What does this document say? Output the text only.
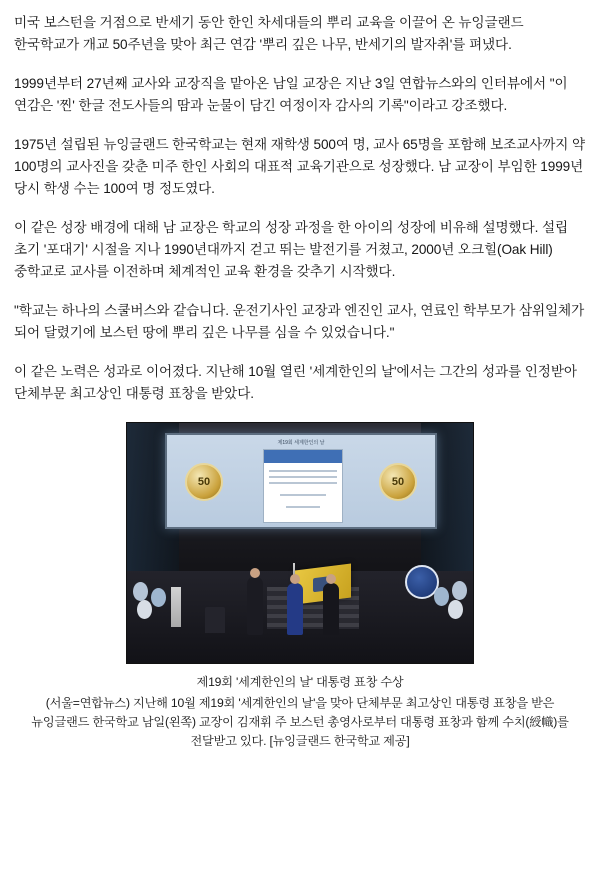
미국 보스턴을 거점으로 반세기 동안 한인 차세대들의 뿌리 교육을 이끌어 온 뉴잉글랜드 한국학교가 개교 50주년을 맞아 최근 연감 '뿌리 깊은 나무, 반세기의 발자취'를 펴냈다.

1999년부터 27년째 교사와 교장직을 맡아온 남일 교장은 지난 3일 연합뉴스와의 인터뷰에서 "이 연감은 '찐' 한글 전도사들의 땀과 눈물이 담긴 여정이자 감사의 기록"이라고 강조했다.

1975년 설립된 뉴잉글랜드 한국학교는 현재 재학생 500여 명, 교사 65명을 포함해 보조교사까지 약 100명의 교사진을 갖춘 미주 한인 사회의 대표적 교육기관으로 성장했다. 남 교장이 부임한 1999년 당시 학생 수는 100여 명 정도였다.

이 같은 성장 배경에 대해 남 교장은 학교의 성장 과정을 한 아이의 성장에 비유해 설명했다. 설립 초기 '포대기' 시절을 지나 1990년대까지 걷고 뛰는 발전기를 거쳤고, 2000년 오크힐(Oak Hill) 중학교로 교사를 이전하며 체계적인 교육 환경을 갖추기 시작했다.

"학교는 하나의 스쿨버스와 같습니다. 운전기사인 교장과 엔진인 교사, 연료인 학부모가 삼위일체가 되어 달렸기에 보스턴 땅에 뿌리 깊은 나무를 심을 수 있었습니다."

이 같은 노력은 성과로 이어졌다. 지난해 10월 열린 '세계한인의 날'에서는 그간의 성과를 인정받아 단체부문 최고상인 대통령 표창을 받았다.

제19회 세계한인의 날
50	50
제19회 '세계한인의 날' 대통령 표창 수상
(서울=연합뉴스) 지난해 10월 제19회 '세계한인의 날'을 맞아 단체부문 최고상인 대통령 표창을 받은 뉴잉글랜드 한국학교 남일(왼쪽) 교장이 김재휘 주 보스턴 총영사로부터 대통령 표창과 함께 수치(綬幟)를 전달받고 있다. [뉴잉글랜드 한국학교 제공]
